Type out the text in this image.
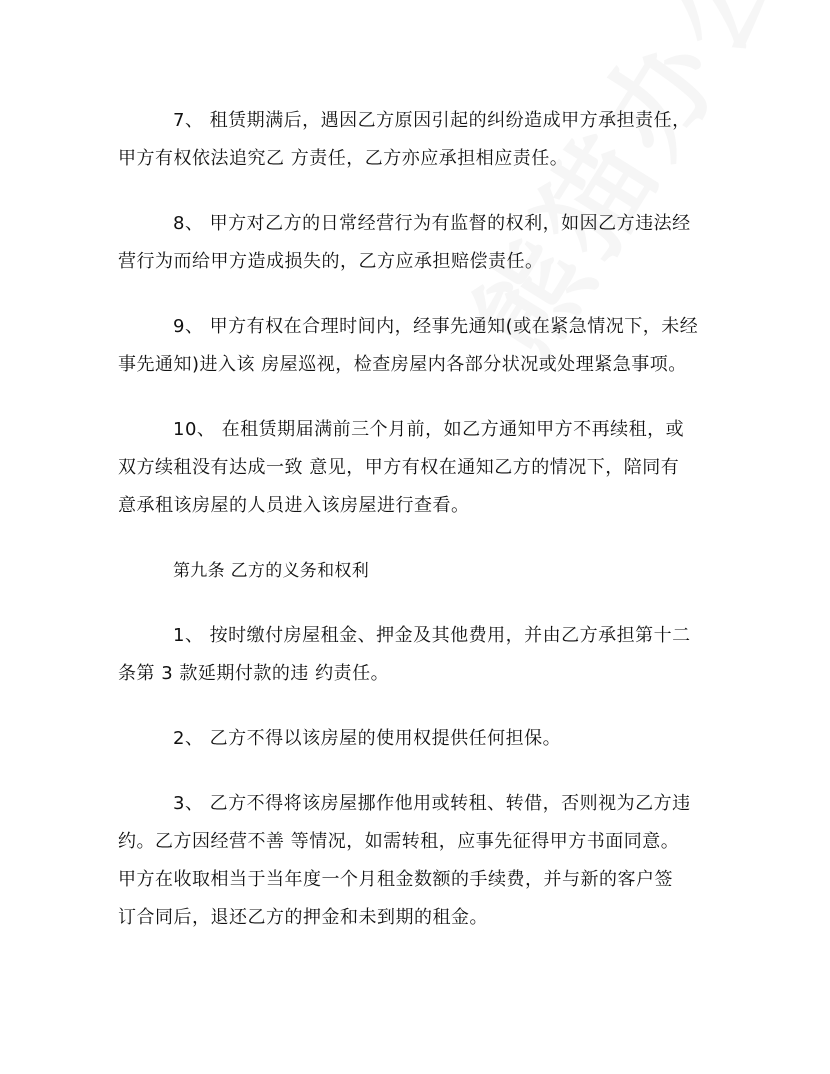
7、 租赁期满后，遇因乙方原因引起的纠纷造成甲方承担责任，
甲方有权依法追究乙 方责任，乙方亦应承担相应责任。
8、 甲方对乙方的日常经营行为有监督的权利，如因乙方违法经
营行为而给甲方造成损失的，乙方应承担赔偿责任。
9、 甲方有权在合理时间内，经事先通知(或在紧急情况下，未经
事先通知)进入该 房屋巡视，检查房屋内各部分状况或处理紧急事项。
10、 在租赁期届满前三个月前，如乙方通知甲方不再续租，或
双方续租没有达成一致 意见，甲方有权在通知乙方的情况下，陪同有
意承租该房屋的人员进入该房屋进行查看。
第九条 乙方的义务和权利
1、 按时缴付房屋租金、押金及其他费用，并由乙方承担第十二
条第 3 款延期付款的违 约责任。
2、 乙方不得以该房屋的使用权提供任何担保。
3、 乙方不得将该房屋挪作他用或转租、转借，否则视为乙方违
约。乙方因经营不善 等情况，如需转租，应事先征得甲方书面同意。
甲方在收取相当于当年度一个月租金数额的手续费，并与新的客户签
订合同后，退还乙方的押金和未到期的租金。
